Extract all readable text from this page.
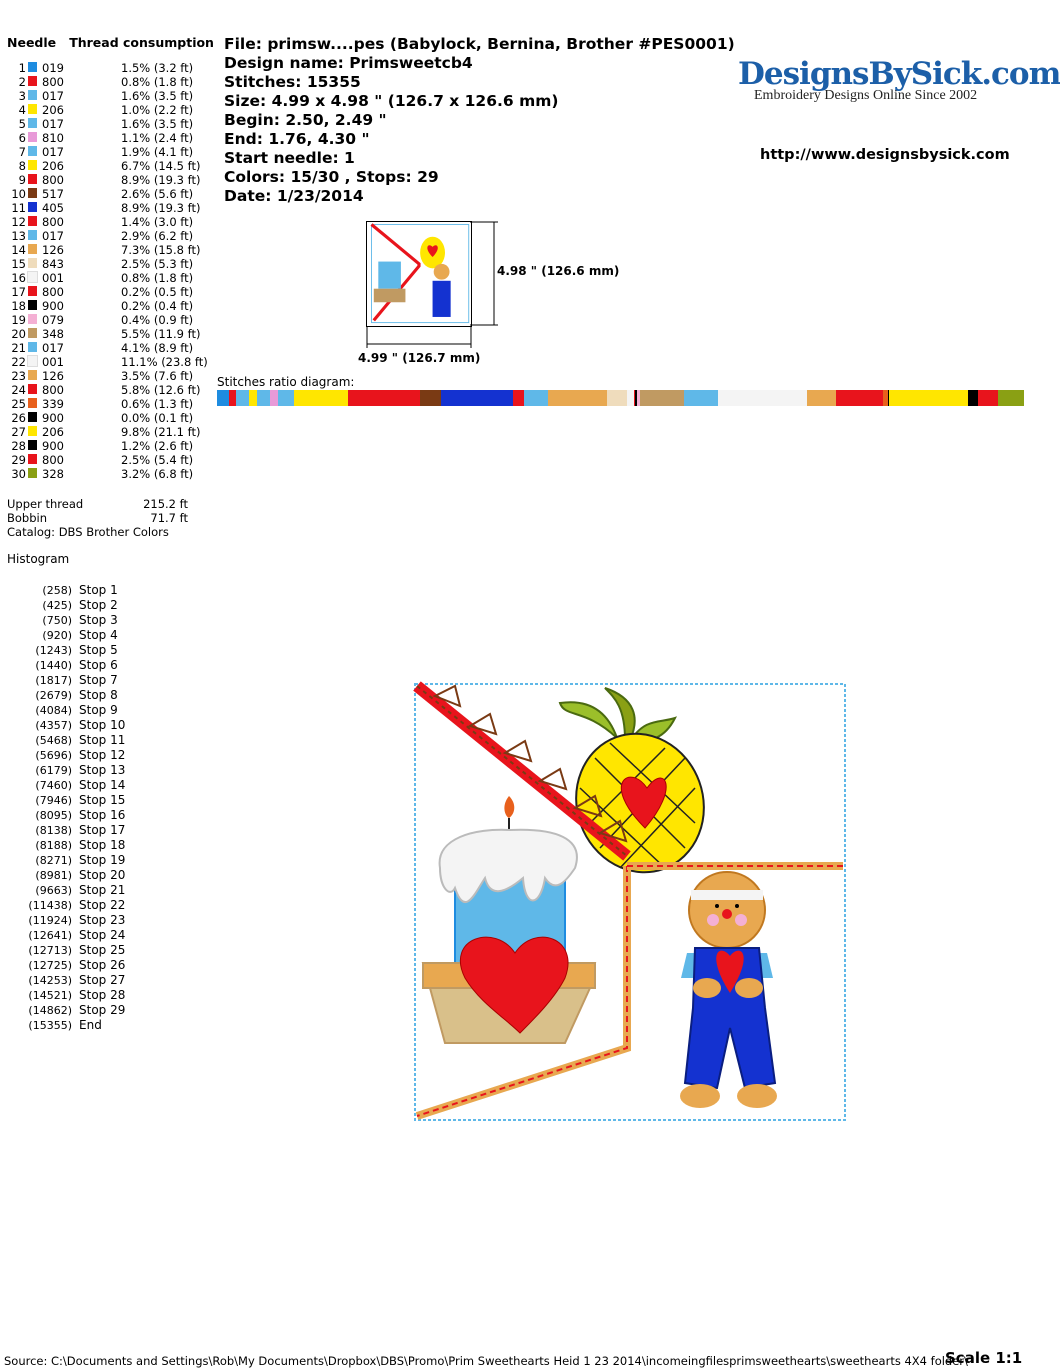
Needle Thread consumption
1 019	1.5% (3.2 ft)
2 800	0.8% (1.8 ft)
3 017	1.6% (3.5 ft)
4 206	1.0% (2.2 ft)
5 017	1.6% (3.5 ft)
6 810	1.1% (2.4 ft)
7 017	1.9% (4.1 ft)
8 206	6.7% (14.5 ft)
9 800	8.9% (19.3 ft)
10 517	2.6% (5.6 ft)
11 405	8.9% (19.3 ft)
12 800	1.4% (3.0 ft)
13 017	2.9% (6.2 ft)
14 126	7.3% (15.8 ft)
15 843	2.5% (5.3 ft)
16 001	0.8% (1.8 ft)
17 800	0.2% (0.5 ft)
18 900	0.2% (0.4 ft)
19 079	0.4% (0.9 ft)
20 348	5.5% (11.9 ft)
21 017	4.1% (8.9 ft)
22 001	11.1% (23.8 ft)
23 126	3.5% (7.6 ft)
24 800	5.8% (12.6 ft)
25 339	0.6% (1.3 ft)
26 900	0.0% (0.1 ft)
27 206	9.8% (21.1 ft)
28 900	1.2% (2.6 ft)
29 800	2.5% (5.4 ft)
30 328	3.2% (6.8 ft)
Upper thread	215.2 ft
Bobbin	71.7 ft
Catalog: DBS Brother Colors
Histogram
(258) Stop 1
(425) Stop 2
(750) Stop 3
(920) Stop 4
(1243) Stop 5
(1440) Stop 6
(1817) Stop 7
(2679) Stop 8
(4084) Stop 9
(4357) Stop 10
(5468) Stop 11
(5696) Stop 12
(6179) Stop 13
(7460) Stop 14
(7946) Stop 15
(8095) Stop 16
(8138) Stop 17
(8188) Stop 18
(8271) Stop 19
(8981) Stop 20
(9663) Stop 21
(11438) Stop 22
(11924) Stop 23
(12641) Stop 24
(12713) Stop 25
(12725) Stop 26
(14253) Stop 27
(14521) Stop 28
(14862) Stop 29
(15355) End
File: primsw....pes (Babylock, Bernina, Brother #PES0001)
Design name: Primsweetcb4
Stitches: 15355
Size: 4.99 x 4.98 " (126.7 x 126.6 mm)
Begin: 2.50, 2.49 "
End: 1.76, 4.30 "
Start needle: 1
Colors: 15/30 , Stops: 29
Date: 1/23/2014
DesignsBySick.com
Embroidery Designs Online Since 2002
http://www.designsbysick.com
4.98 " (126.6 mm)
4.99 " (126.7 mm)
Stitches ratio diagram:
Source: C:\Documents and Settings\Rob\My Documents\Dropbox\DBS\Promo\Prim Sweethearts Heid 1 23 2014\incomeingfilesprimsweethearts\sweethearts 4X4 folder\
Scale 1:1
